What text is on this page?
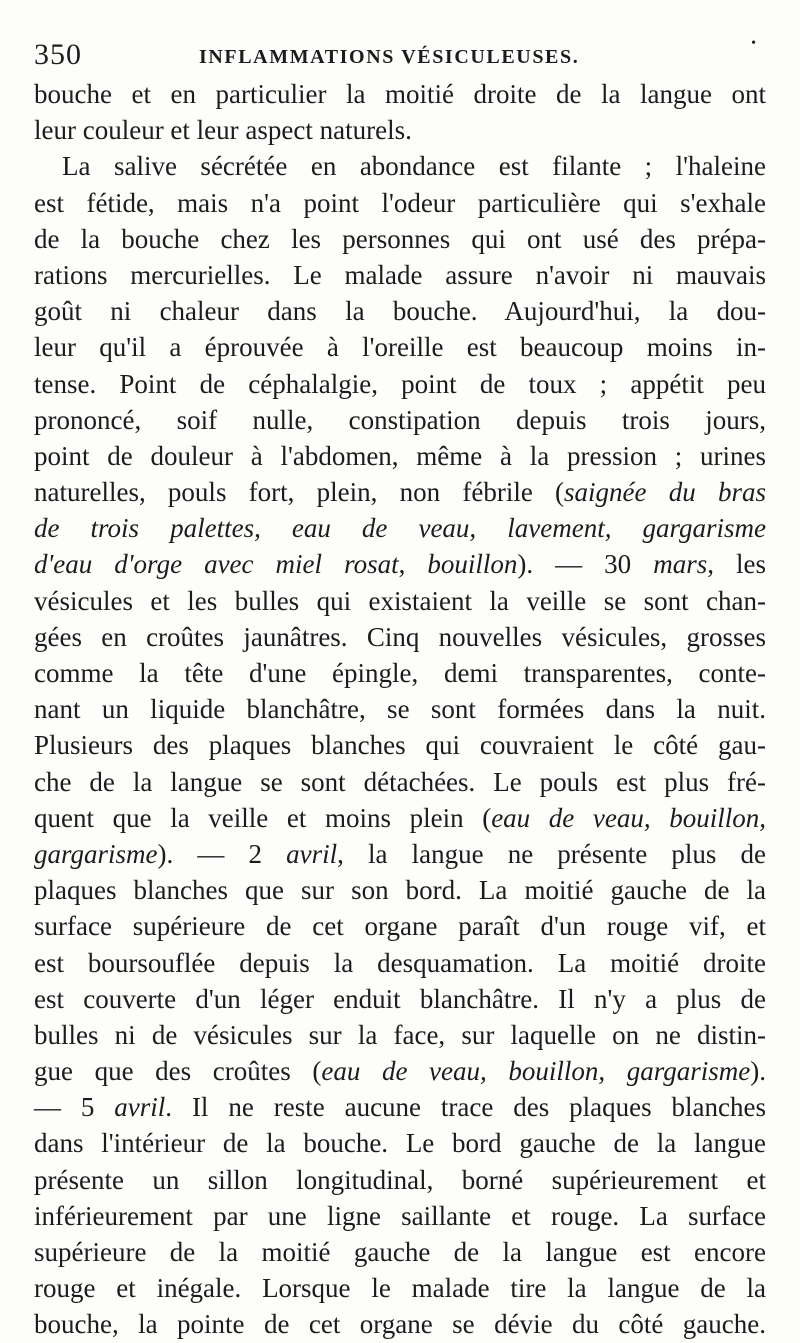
350	INFLAMMATIONS VÉSICULEUSES.
•
bouche et en particulier la moitié droite de la langue ont
leur couleur et leur aspect naturels.
La salive sécrétée en abondance est filante ; l'haleine
est fétide, mais n'a point l'odeur particulière qui s'exhale
de la bouche chez les personnes qui ont usé des prépa-
rations mercurielles. Le malade assure n'avoir ni mauvais
goût ni chaleur dans la bouche. Aujourd'hui, la dou-
leur qu'il a éprouvée à l'oreille est beaucoup moins in-
tense. Point de céphalalgie, point de toux ; appétit peu
prononcé, soif nulle, constipation depuis trois jours,
point de douleur à l'abdomen, même à la pression ; urines
naturelles, pouls fort, plein, non fébrile (saignée du bras
de trois palettes, eau de veau, lavement, gargarisme
d'eau d'orge avec miel rosat, bouillon). — 30 mars, les
vésicules et les bulles qui existaient la veille se sont chan-
gées en croûtes jaunâtres. Cinq nouvelles vésicules, grosses
comme la tête d'une épingle, demi transparentes, conte-
nant un liquide blanchâtre, se sont formées dans la nuit.
Plusieurs des plaques blanches qui couvraient le côté gau-
che de la langue se sont détachées. Le pouls est plus fré-
quent que la veille et moins plein (eau de veau, bouillon,
gargarisme). — 2 avril, la langue ne présente plus de
plaques blanches que sur son bord. La moitié gauche de la
surface supérieure de cet organe paraît d'un rouge vif, et
est boursouflée depuis la desquamation. La moitié droite
est couverte d'un léger enduit blanchâtre. Il n'y a plus de
bulles ni de vésicules sur la face, sur laquelle on ne distin-
gue que des croûtes (eau de veau, bouillon, gargarisme).
— 5 avril. Il ne reste aucune trace des plaques blanches
dans l'intérieur de la bouche. Le bord gauche de la langue
présente un sillon longitudinal, borné supérieurement et
inférieurement par une ligne saillante et rouge. La surface
supérieure de la moitié gauche de la langue est encore
rouge et inégale. Lorsque le malade tire la langue de la
bouche, la pointe de cet organe se dévie du côté gauche.
